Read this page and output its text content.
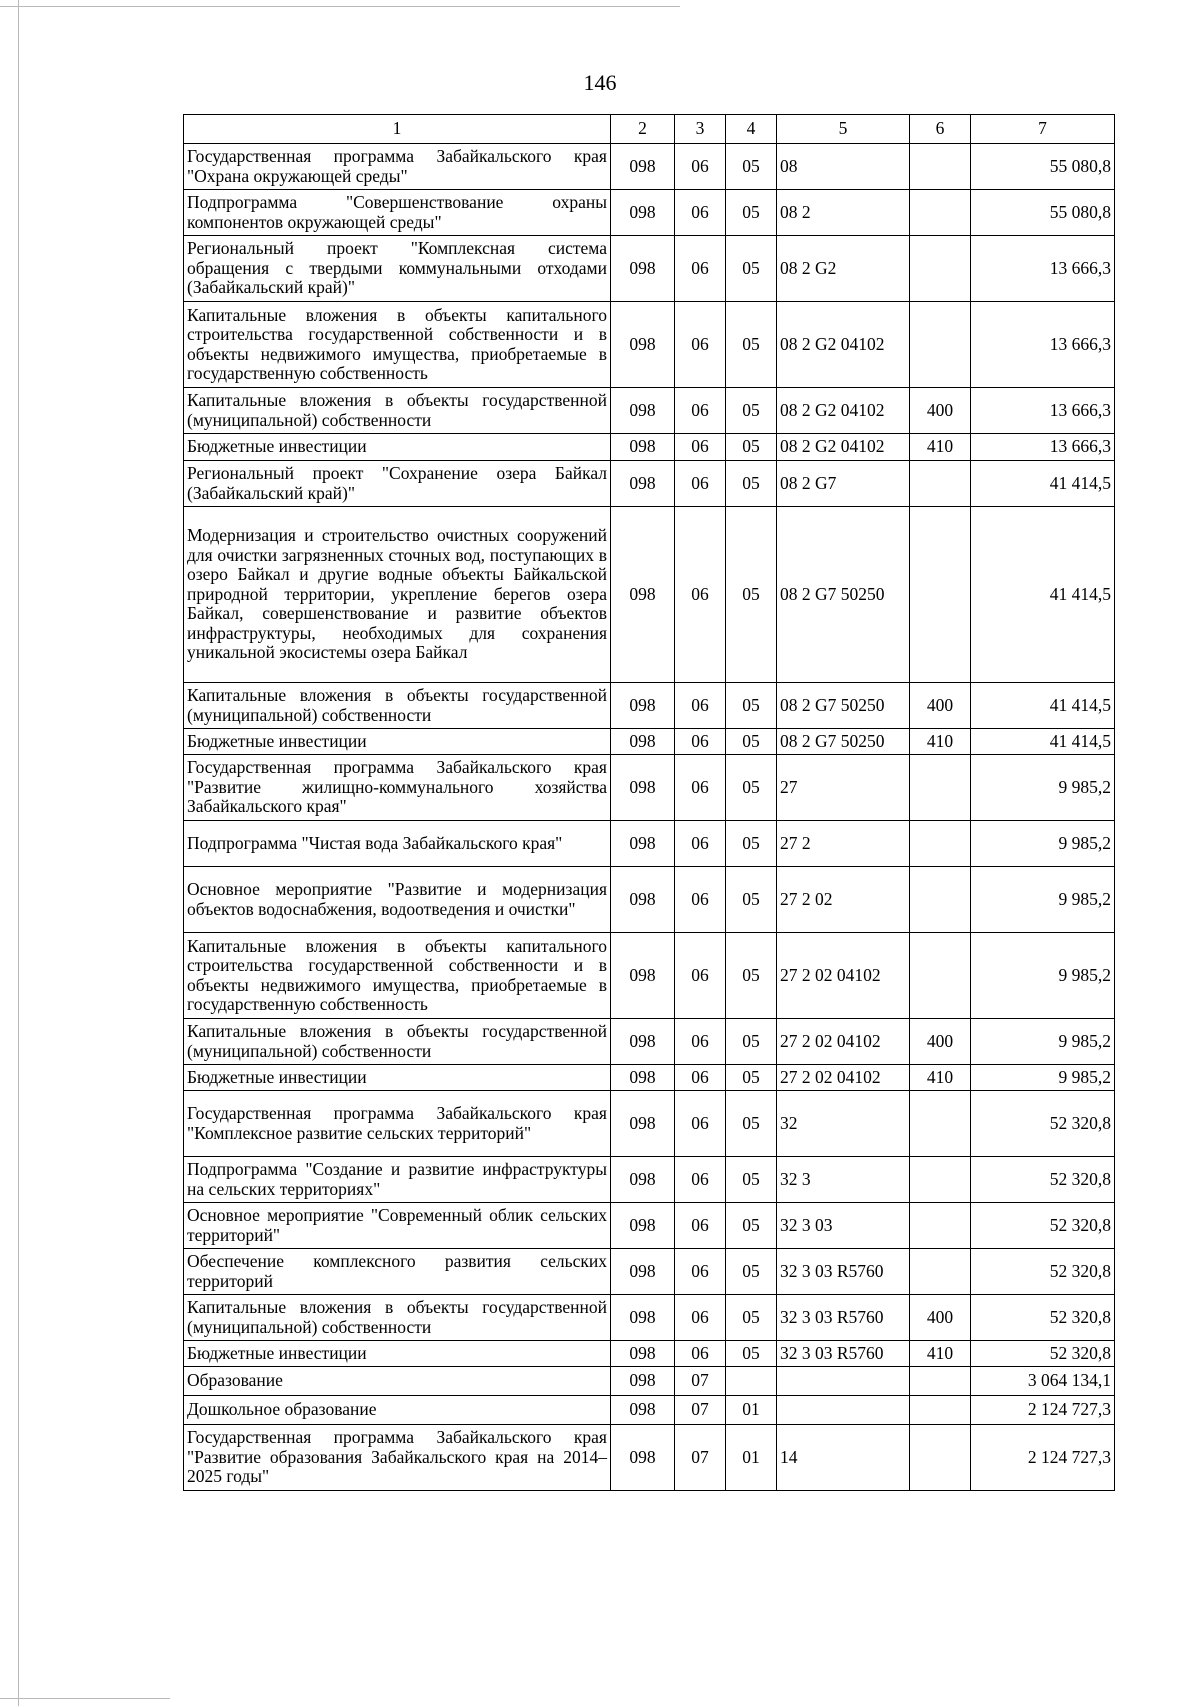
146
1	2	3	4	5	6	7
Государственная программа Забайкальского края "Охрана окружающей среды"	098	06	05	08		55 080,8
Подпрограмма "Совершенствование охраны компонентов окружающей среды"	098	06	05	08 2		55 080,8
Региональный проект "Комплексная система обращения с твердыми коммунальными отходами (Забайкальский край)"	098	06	05	08 2 G2		13 666,3
Капитальные вложения в объекты капитального строительства государственной собственности и в объекты недвижимого имущества, приобретаемые в государственную собственность	098	06	05	08 2 G2 04102		13 666,3
Капитальные вложения в объекты государственной (муниципальной) собственности	098	06	05	08 2 G2 04102	400	13 666,3
Бюджетные инвестиции	098	06	05	08 2 G2 04102	410	13 666,3
Региональный проект "Сохранение озера Байкал (Забайкальский край)"	098	06	05	08 2 G7		41 414,5
Модернизация и строительство очистных сооружений для очистки загрязненных сточных вод, поступающих в озеро Байкал и другие водные объекты Байкальской природной территории, укрепление берегов озера Байкал, совершенствование и развитие объектов инфраструктуры, необходимых для сохранения уникальной экосистемы озера Байкал	098	06	05	08 2 G7 50250		41 414,5
Капитальные вложения в объекты государственной (муниципальной) собственности	098	06	05	08 2 G7 50250	400	41 414,5
Бюджетные инвестиции	098	06	05	08 2 G7 50250	410	41 414,5
Государственная программа Забайкальского края "Развитие жилищно-коммунального хозяйства Забайкальского края"	098	06	05	27		9 985,2
Подпрограмма "Чистая вода Забайкальского края"	098	06	05	27 2		9 985,2
Основное мероприятие "Развитие и модернизация объектов водоснабжения, водоотведения и очистки"	098	06	05	27 2 02		9 985,2
Капитальные вложения в объекты капитального строительства государственной собственности и в объекты недвижимого имущества, приобретаемые в государственную собственность	098	06	05	27 2 02 04102		9 985,2
Капитальные вложения в объекты государственной (муниципальной) собственности	098	06	05	27 2 02 04102	400	9 985,2
Бюджетные инвестиции	098	06	05	27 2 02 04102	410	9 985,2
Государственная программа Забайкальского края "Комплексное развитие сельских территорий"	098	06	05	32		52 320,8
Подпрограмма "Создание и развитие инфраструктуры на сельских территориях"	098	06	05	32 3		52 320,8
Основное мероприятие "Современный облик сельских территорий"	098	06	05	32 3 03		52 320,8
Обеспечение комплексного развития сельских территорий	098	06	05	32 3 03 R5760		52 320,8
Капитальные вложения в объекты государственной (муниципальной) собственности	098	06	05	32 3 03 R5760	400	52 320,8
Бюджетные инвестиции	098	06	05	32 3 03 R5760	410	52 320,8
Образование	098	07				3 064 134,1
Дошкольное образование	098	07	01			2 124 727,3
Государственная программа Забайкальского края "Развитие образования Забайкальского края на 2014–2025 годы"	098	07	01	14		2 124 727,3
